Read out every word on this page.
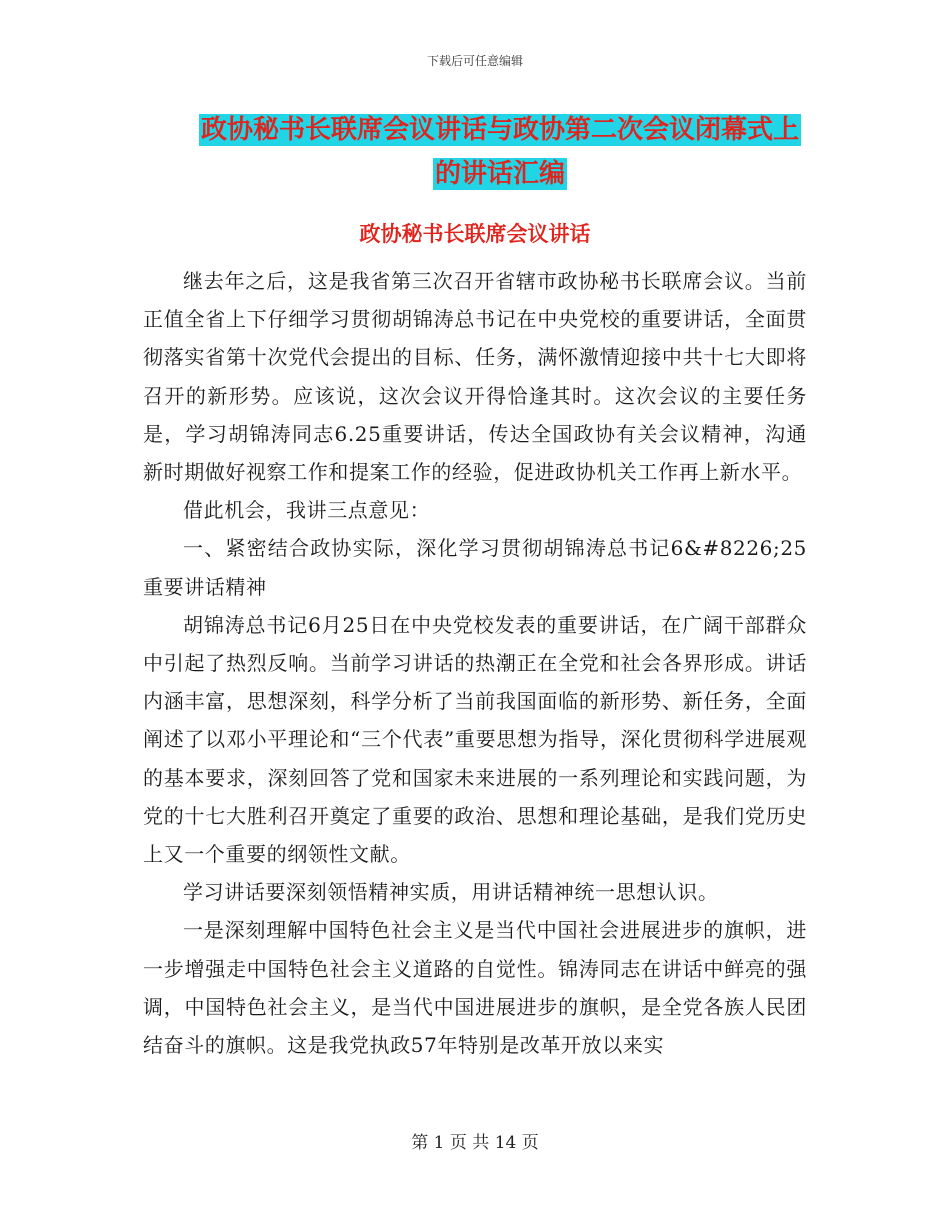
下载后可任意编辑
政协秘书长联席会议讲话与政协第二次会议闭幕式上
的讲话汇编
政协秘书长联席会议讲话

继去年之后，这是我省第三次召开省辖市政协秘书长联席会议。当前正值全省上下仔细学习贯彻胡锦涛总书记在中央党校的重要讲话，全面贯彻落实省第十次党代会提出的目标、任务，满怀激情迎接中共十七大即将召开的新形势。应该说，这次会议开得恰逢其时。这次会议的主要任务是，学习胡锦涛同志6.25重要讲话，传达全国政协有关会议精神，沟通新时期做好视察工作和提案工作的经验，促进政协机关工作再上新水平。

借此机会，我讲三点意见：

一、紧密结合政协实际，深化学习贯彻胡锦涛总书记6&#8226;25重要讲话精神

胡锦涛总书记6月25日在中央党校发表的重要讲话，在广阔干部群众中引起了热烈反响。当前学习讲话的热潮正在全党和社会各界形成。讲话内涵丰富，思想深刻，科学分析了当前我国面临的新形势、新任务，全面阐述了以邓小平理论和“三个代表”重要思想为指导，深化贯彻科学进展观的基本要求，深刻回答了党和国家未来进展的一系列理论和实践问题，为党的十七大胜利召开奠定了重要的政治、思想和理论基础，是我们党历史上又一个重要的纲领性文献。

学习讲话要深刻领悟精神实质，用讲话精神统一思想认识。

一是深刻理解中国特色社会主义是当代中国社会进展进步的旗帜，进一步增强走中国特色社会主义道路的自觉性。锦涛同志在讲话中鲜亮的强调，中国特色社会主义，是当代中国进展进步的旗帜，是全党各族人民团结奋斗的旗帜。这是我党执政57年特别是改革开放以来实

第 1 页 共 14 页
